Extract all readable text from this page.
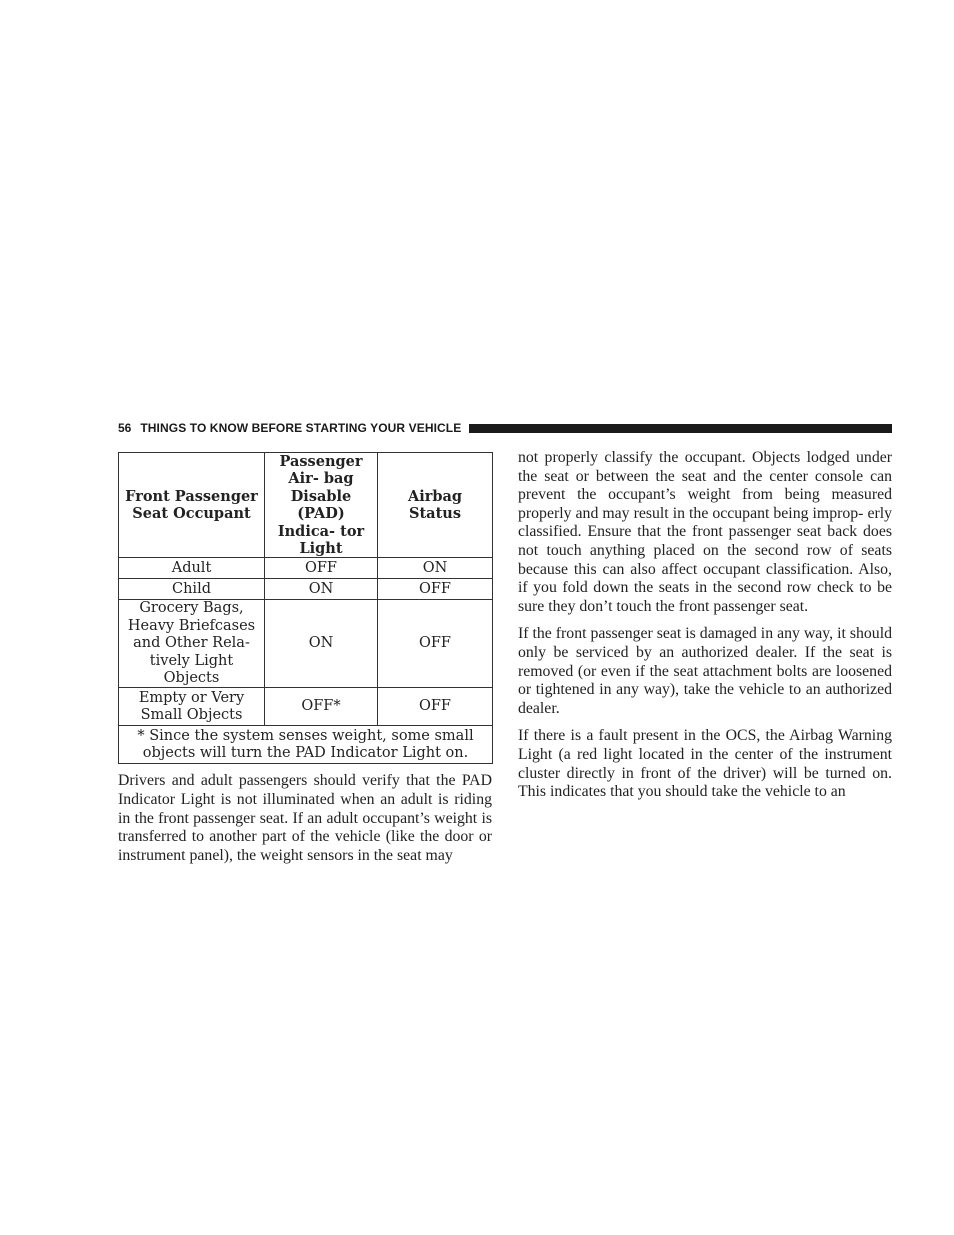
56 THINGS TO KNOW BEFORE STARTING YOUR VEHICLE
Front Passenger Seat Occupant	Passenger Air- bag Disable (PAD) Indica- tor Light	Airbag Status
Adult	OFF	ON
Child	ON	OFF
Grocery Bags, Heavy Briefcases and Other Rela- tively Light Objects	ON	OFF
Empty or Very Small Objects	OFF*	OFF
* Since the system senses weight, some small objects will turn the PAD Indicator Light on.		

Drivers and adult passengers should verify that the PAD Indicator Light is not illuminated when an adult is riding in the front passenger seat. If an adult occupant’s weight is transferred to another part of the vehicle (like the door or instrument panel), the weight sensors in the seat may

not properly classify the occupant. Objects lodged under the seat or between the seat and the center console can prevent the occupant’s weight from being measured properly and may result in the occupant being improp- erly classified. Ensure that the front passenger seat back does not touch anything placed on the second row of seats because this can also affect occupant classification. Also, if you fold down the seats in the second row check to be sure they don’t touch the front passenger seat.

If the front passenger seat is damaged in any way, it should only be serviced by an authorized dealer. If the seat is removed (or even if the seat attachment bolts are loosened or tightened in any way), take the vehicle to an authorized dealer.

If there is a fault present in the OCS, the Airbag Warning Light (a red light located in the center of the instrument cluster directly in front of the driver) will be turned on. This indicates that you should take the vehicle to an
